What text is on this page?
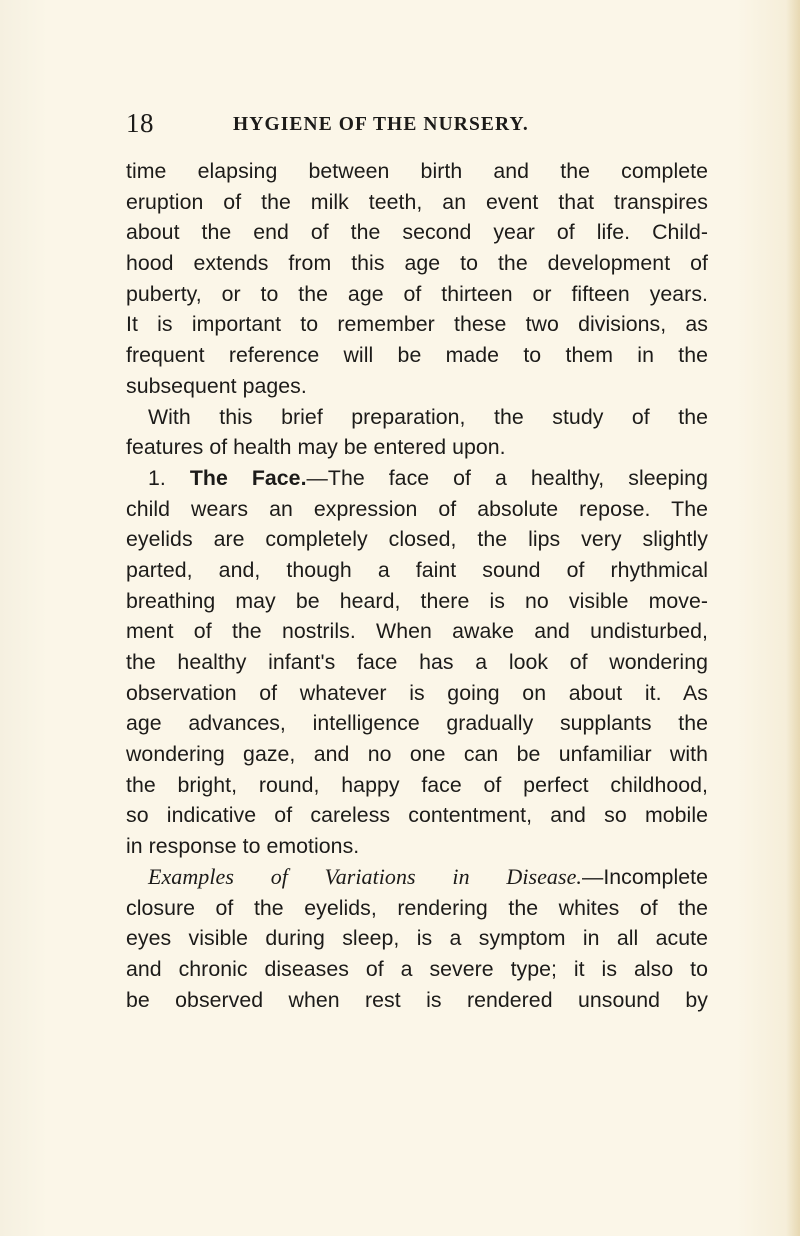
18	HYGIENE OF THE NURSERY.
time elapsing between birth and the complete
eruption of the milk teeth, an event that transpires
about the end of the second year of life. Child-
hood extends from this age to the development of
puberty, or to the age of thirteen or fifteen years.
It is important to remember these two divisions, as
frequent reference will be made to them in the
subsequent pages.
With this brief preparation, the study of the
features of health may be entered upon.
1. The Face.—The face of a healthy, sleeping
child wears an expression of absolute repose. The
eyelids are completely closed, the lips very slightly
parted, and, though a faint sound of rhythmical
breathing may be heard, there is no visible move-
ment of the nostrils. When awake and undisturbed,
the healthy infant's face has a look of wondering
observation of whatever is going on about it. As
age advances, intelligence gradually supplants the
wondering gaze, and no one can be unfamiliar with
the bright, round, happy face of perfect childhood,
so indicative of careless contentment, and so mobile
in response to emotions.
Examples of Variations in Disease.—Incomplete
closure of the eyelids, rendering the whites of the
eyes visible during sleep, is a symptom in all acute
and chronic diseases of a severe type; it is also to
be observed when rest is rendered unsound by
